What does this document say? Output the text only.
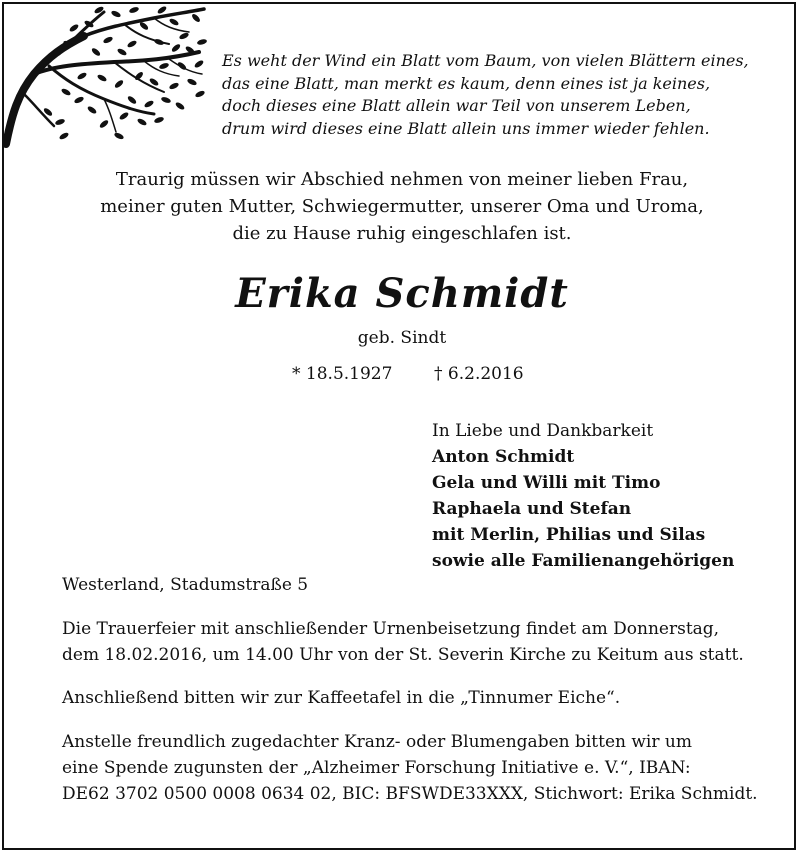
Es weht der Wind ein Blatt vom Baum, von vielen Blättern eines,
das eine Blatt, man merkt es kaum, denn eines ist ja keines,
doch dieses eine Blatt allein war Teil von unserem Leben,
drum wird dieses eine Blatt allein uns immer wieder fehlen.
Traurig müssen wir Abschied nehmen von meiner lieben Frau,
meiner guten Mutter, Schwiegermutter, unserer Oma und Uroma,
die zu Hause ruhig eingeschlafen ist.
Erika Schmidt
geb. Sindt
* 18.5.1927 † 6.2.2016
In Liebe und Dankbarkeit
Anton Schmidt
Gela und Willi mit Timo
Raphaela und Stefan
mit Merlin, Philias und Silas
sowie alle Familienangehörigen
Westerland, Stadumstraße 5
Die Trauerfeier mit anschließender Urnenbeisetzung findet am Donnerstag,
dem 18.02.2016, um 14.00 Uhr von der St. Severin Kirche zu Keitum aus statt.
Anschließend bitten wir zur Kaffeetafel in die „Tinnumer Eiche“.
Anstelle freundlich zugedachter Kranz- oder Blumengaben bitten wir um
eine Spende zugunsten der „Alzheimer Forschung Initiative e. V.“, IBAN:
DE62 3702 0500 0008 0634 02, BIC: BFSWDE33XXX, Stichwort: Erika Schmidt.
